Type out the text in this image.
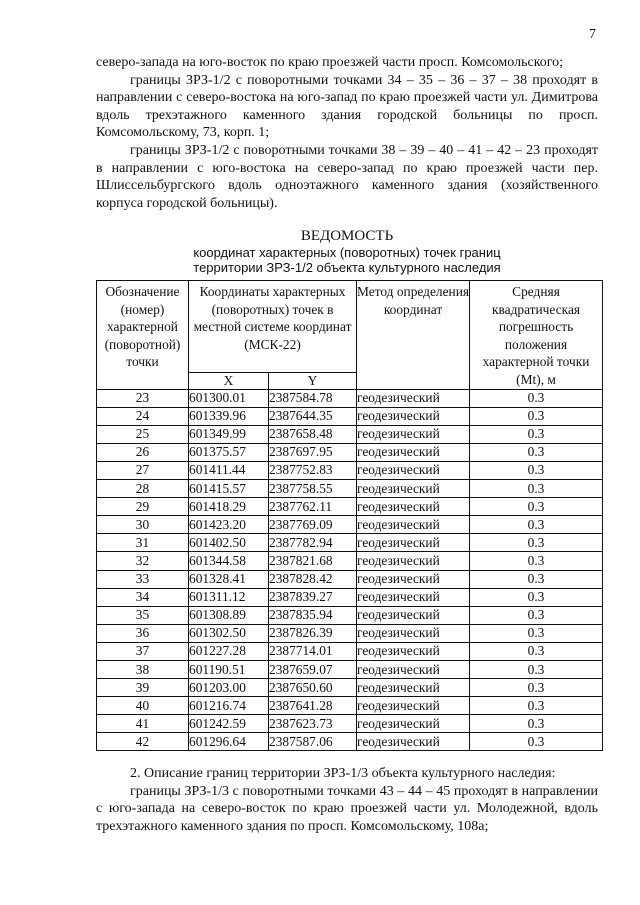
7

северо-запада на юго-восток по краю проезжей части просп. Комсомольского;

границы ЗРЗ-1/2 с поворотными точками 34 – 35 – 36 – 37 – 38 проходят в направлении с северо-востока на юго-запад по краю проезжей части ул. Димитрова вдоль трехэтажного каменного здания городской больницы по просп. Комсомольскому, 73, корп. 1;

границы ЗРЗ-1/2 с поворотными точками 38 – 39 – 40 – 41 – 42 – 23 проходят в направлении с юго-востока на северо-запад по краю проезжей части пер. Шлиссельбургского вдоль одноэтажного каменного здания (хозяйственного корпуса городской больницы).

ВЕДОМОСТЬ
координат характерных (поворотных) точек границ
территории ЗРЗ-1/2 объекта культурного наследия
Обозначение (номер) характерной (поворотной) точки	Координаты характерных (поворотных) точек в местной системе координат (МСК-22)		Метод определения координат	Средняя квадратическая погрешность положения характерной точки (Mt), м
	X	Y		
23	601300.01	2387584.78	геодезический	0.3
24	601339.96	2387644.35	геодезический	0.3
25	601349.99	2387658.48	геодезический	0.3
26	601375.57	2387697.95	геодезический	0.3
27	601411.44	2387752.83	геодезический	0.3
28	601415.57	2387758.55	геодезический	0.3
29	601418.29	2387762.11	геодезический	0.3
30	601423.20	2387769.09	геодезический	0.3
31	601402.50	2387782.94	геодезический	0.3
32	601344.58	2387821.68	геодезический	0.3
33	601328.41	2387828.42	геодезический	0.3
34	601311.12	2387839.27	геодезический	0.3
35	601308.89	2387835.94	геодезический	0.3
36	601302.50	2387826.39	геодезический	0.3
37	601227.28	2387714.01	геодезический	0.3
38	601190.51	2387659.07	геодезический	0.3
39	601203.00	2387650.60	геодезический	0.3
40	601216.74	2387641.28	геодезический	0.3
41	601242.59	2387623.73	геодезический	0.3
42	601296.64	2387587.06	геодезический	0.3

2. Описание границ территории ЗРЗ-1/3 объекта культурного наследия:

границы ЗРЗ-1/3 с поворотными точками 43 – 44 – 45 проходят в направлении с юго-запада на северо-восток по краю проезжей части ул. Молодежной, вдоль трехэтажного каменного здания по просп. Комсомольскому, 108а;
